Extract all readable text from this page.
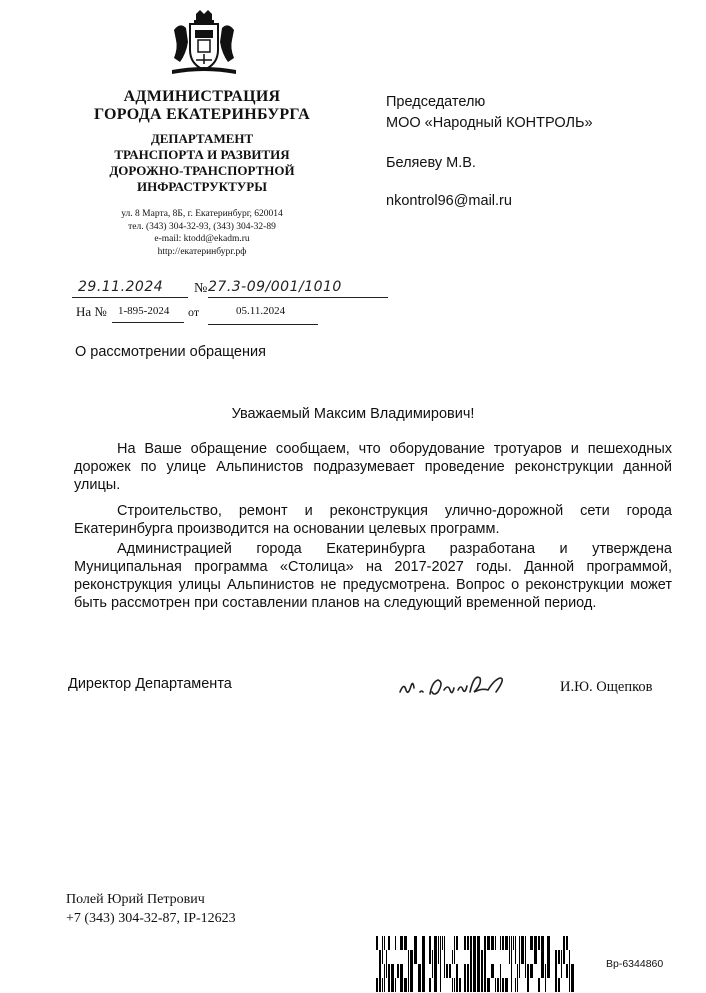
АДМИНИСТРАЦИЯ
ГОРОДА ЕКАТЕРИНБУРГА
ДЕПАРТАМЕНТ
ТРАНСПОРТА И РАЗВИТИЯ
ДОРОЖНО-ТРАНСПОРТНОЙ
ИНФРАСТРУКТУРЫ
ул. 8 Марта, 8Б, г. Екатеринбург, 620014
тел. (343) 304-32-93, (343) 304-32-89
e-mail: ktodd@ekadm.ru
http://екатеринбург.рф
29.11.2024 № 27.3-09/001/1010
На № 1-895-2024 от	05.11.2024
Председателю
МОО «Народный КОНТРОЛЬ»
Беляеву М.В.
nkontrol96@mail.ru
О рассмотрении обращения
Уважаемый Максим Владимирович!

На Ваше обращение сообщаем, что оборудование тротуаров и пешеходных дорожек по улице Альпинистов подразумевает проведение реконструкции данной улицы.

Строительство, ремонт и реконструкция улично-дорожной сети города Екатеринбурга производится на основании целевых программ.

Администрацией города Екатеринбурга разработана и утверждена Муниципальная программа «Столица» на 2017-2027 годы. Данной программой, реконструкция улицы Альпинистов не предусмотрена. Вопрос о реконструкции может быть рассмотрен при составлении планов на следующий временной период.

Директор Департамента	И.Ю. Ощепков
Полей Юрий Петрович
+7 (343) 304-32-87, IP-12623
Вр-6344860
